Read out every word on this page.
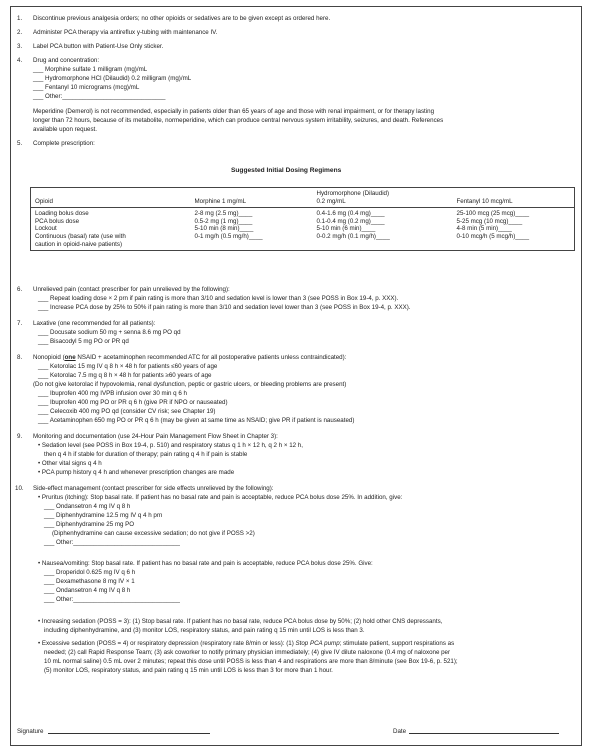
1. Discontinue previous analgesia orders; no other opioids or sedatives are to be given except as ordered here.
2. Administer PCA therapy via antireflux y-tubing with maintenance IV.
3. Label PCA button with Patient-Use Only sticker.
4. Drug and concentration:
___ Morphine sulfate 1 milligram (mg)/mL
___ Hydromorphone HCl (Dilaudid) 0.2 milligram (mg)/mL
___ Fentanyl 10 micrograms (mcg)/mL
___ Other:______________________________
Meperidine (Demerol) is not recommended, especially in patients older than 65 years of age and those with renal impairment, or for therapy lasting
longer than 72 hours, because of its metabolite, normeperidine, which can produce central nervous system irritability, seizures, and death. References
available upon request.
5. Complete prescription:
Suggested Initial Dosing Regimens
Opioid	Morphine 1 mg/mL	Hydromorphone (Dilaudid)
0.2 mg/mL	Fentanyl 10 mcg/mL
Loading bolus dose	2-8 mg (2.5 mg)____	0.4-1.6 mg (0.4 mg)____	25-100 mcg (25 mcg)____
PCA bolus dose	0.5-2 mg (1 mg)____	0.1-0.4 mg (0.2 mg)____	5-25 mcg (10 mcg)____
Lockout	5-10 min (8 min)____	5-10 min (6 min)____	4-8 min (5 min)____
Continuous (basal) rate (use with	0-1 mg/h (0.5 mg/h)____	0-0.2 mg/h (0.1 mg/h)____	0-10 mcg/h (5 mcg/h)____
caution in opioid-naive patients)			
6. Unrelieved pain (contact prescriber for pain unrelieved by the following):
___ Repeat loading dose × 2 prn if pain rating is more than 3/10 and sedation level is lower than 3 (see POSS in Box 19-4, p. XXX).
___ Increase PCA dose by 25% to 50% if pain rating is more than 3/10 and sedation level lower than 3 (see POSS in Box 19-4, p. XXX).
7. Laxative (one recommended for all patients):
___ Docusate sodium 50 mg + senna 8.6 mg PO qd
___ Bisacodyl 5 mg PO or PR qd
8. Nonopioid (one NSAID + acetaminophen recommended ATC for all postoperative patients unless contraindicated):
___ Ketorolac 15 mg IV q 8 h × 48 h for patients ≤60 years of age
___ Ketorolac 7.5 mg q 8 h × 48 h for patients ≥60 years of age
(Do not give ketorolac if hypovolemia, renal dysfunction, peptic or gastric ulcers, or bleeding problems are present)
___ Ibuprofen 400 mg IVPB infusion over 30 min q 6 h
___ Ibuprofen 400 mg PO or PR q 6 h (give PR if NPO or nauseated)
___ Celecoxib 400 mg PO qd (consider CV risk; see Chapter 19)
___ Acetaminophen 650 mg PO or PR q 6 h (may be given at same time as NSAID; give PR if patient is nauseated)
9. Monitoring and documentation (use 24-Hour Pain Management Flow Sheet in Chapter 3):
• Sedation level (see POSS in Box 19-4, p. 510) and respiratory status q 1 h × 12 h, q 2 h × 12 h,
then q 4 h if stable for duration of therapy; pain rating q 4 h if pain is stable
• Other vital signs q 4 h
• PCA pump history q 4 h and whenever prescription changes are made
10. Side-effect management (contact prescriber for side effects unrelieved by the following):
• Pruritus (itching): Stop basal rate. If patient has no basal rate and pain is acceptable, reduce PCA bolus dose 25%. In addition, give:
___ Ondansetron 4 mg IV q 8 h
___ Diphenhydramine 12.5 mg IV q 4 h prn
___ Diphenhydramine 25 mg PO
(Diphenhydramine can cause excessive sedation; do not give if POSS >2)
___ Other:_______________________________
• Nausea/vomiting: Stop basal rate. If patient has no basal rate and pain is acceptable, reduce PCA bolus dose 25%. Give:
___ Droperidol 0.625 mg IV q 6 h
___ Dexamethasone 8 mg IV × 1
___ Ondansetron 4 mg IV q 8 h
___ Other:_______________________________
• Increasing sedation (POSS = 3): (1) Stop basal rate. If patient has no basal rate, reduce PCA bolus dose by 50%; (2) hold other CNS depressants,
including diphenhydramine, and (3) monitor LOS, respiratory status, and pain rating q 15 min until LOS is less than 3.
• Excessive sedation (POSS = 4) or respiratory depression (respiratory rate 8/min or less): (1) Stop PCA pump; stimulate patient, support respirations as
needed; (2) call Rapid Response Team; (3) ask coworker to notify primary physician immediately; (4) give IV dilute naloxone (0.4 mg of naloxone per
10 mL normal saline) 0.5 mL over 2 minutes; repeat this dose until POSS is less than 4 and respirations are more than 8/minute (see Box 19-6, p. 521);
(5) monitor LOS, respiratory status, and pain rating q 15 min until LOS is less than 3 for more than 1 hour.
Signature	Date
